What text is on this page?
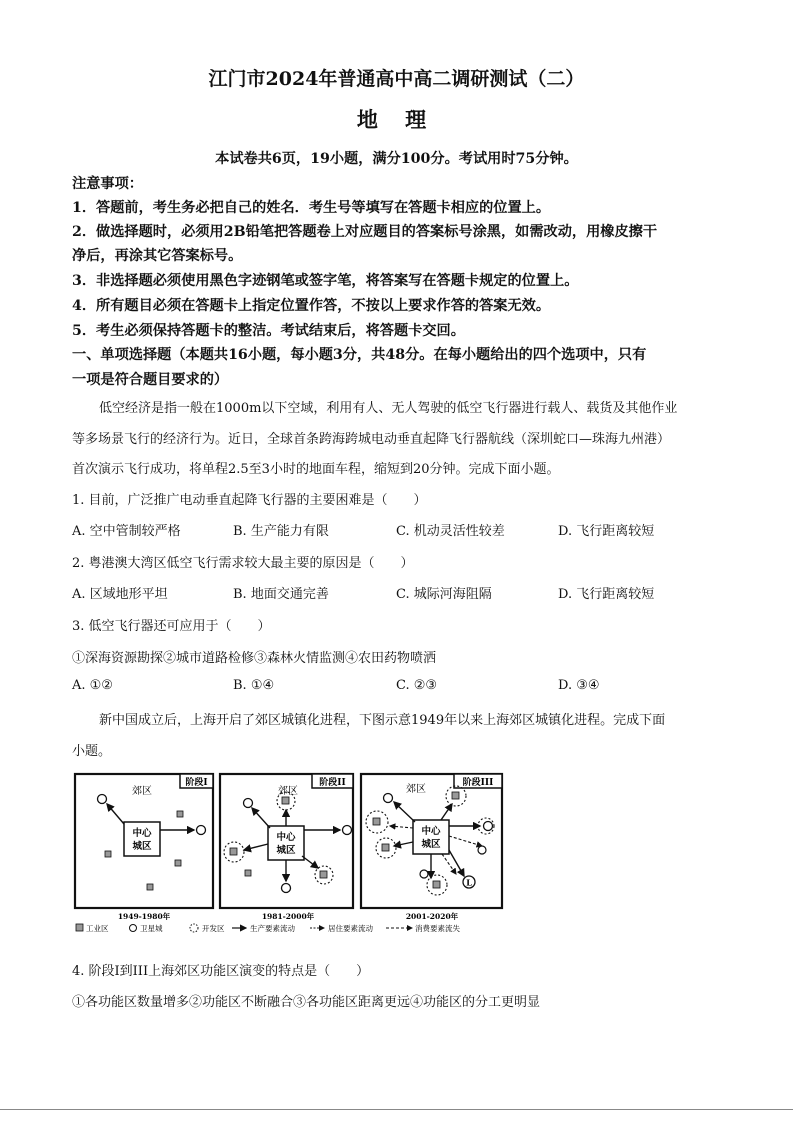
江门市2024年普通高中高二调研测试（二）
地 理
本试卷共6页，19小题，满分100分。考试用时75分钟。
注意事项：
1．答题前，考生务必把自己的姓名．考生号等填写在答题卡相应的位置上。
2．做选择题时，必须用2B铅笔把答题卷上对应题目的答案标号涂黑，如需改动，用橡皮擦干
净后，再涂其它答案标号。
3．非选择题必须使用黑色字迹钢笔或签字笔，将答案写在答题卡规定的位置上。
4．所有题目必须在答题卡上指定位置作答，不按以上要求作答的答案无效。
5．考生必须保持答题卡的整洁。考试结束后，将答题卡交回。
一、单项选择题（本题共16小题，每小题3分，共48分。在每小题给出的四个选项中，只有
一项是符合题目要求的）
低空经济是指一般在1000m以下空域，利用有人、无人驾驶的低空飞行器进行载人、载货及其他作业
等多场景飞行的经济行为。近日，全球首条跨海跨城电动垂直起降飞行器航线（深圳蛇口—珠海九州港）
首次演示飞行成功，将单程2.5至3小时的地面车程，缩短到20分钟。完成下面小题。
1. 目前，广泛推广电动垂直起降飞行器的主要困难是（　　）
A. 空中管制较严格	B. 生产能力有限	C. 机动灵活性较差	D. 飞行距离较短
2. 粤港澳大湾区低空飞行需求较大最主要的原因是（　　）
A. 区域地形平坦	B. 地面交通完善	C. 城际河海阻隔	D. 飞行距离较短
3. 低空飞行器还可应用于（　　）
①深海资源勘探②城市道路检修③森林火情监测④农田药物喷洒
A. ①②	B. ①④	C. ②③	D. ③④
新中国成立后，上海开启了郊区城镇化进程，下图示意1949年以来上海郊区城镇化进程。完成下面
小题。
阶段I
郊区
中心
城区
1949-1980年
阶段II
郊区
中心
城区
1981-2000年
阶段III
郊区
中心
城区
L
2001-2020年
工业区	卫星城	开发区	生产要素流动	居住要素流动	消费要素流失
4. 阶段I到III上海郊区功能区演变的特点是（　　）
①各功能区数量增多②功能区不断融合③各功能区距离更远④功能区的分工更明显
